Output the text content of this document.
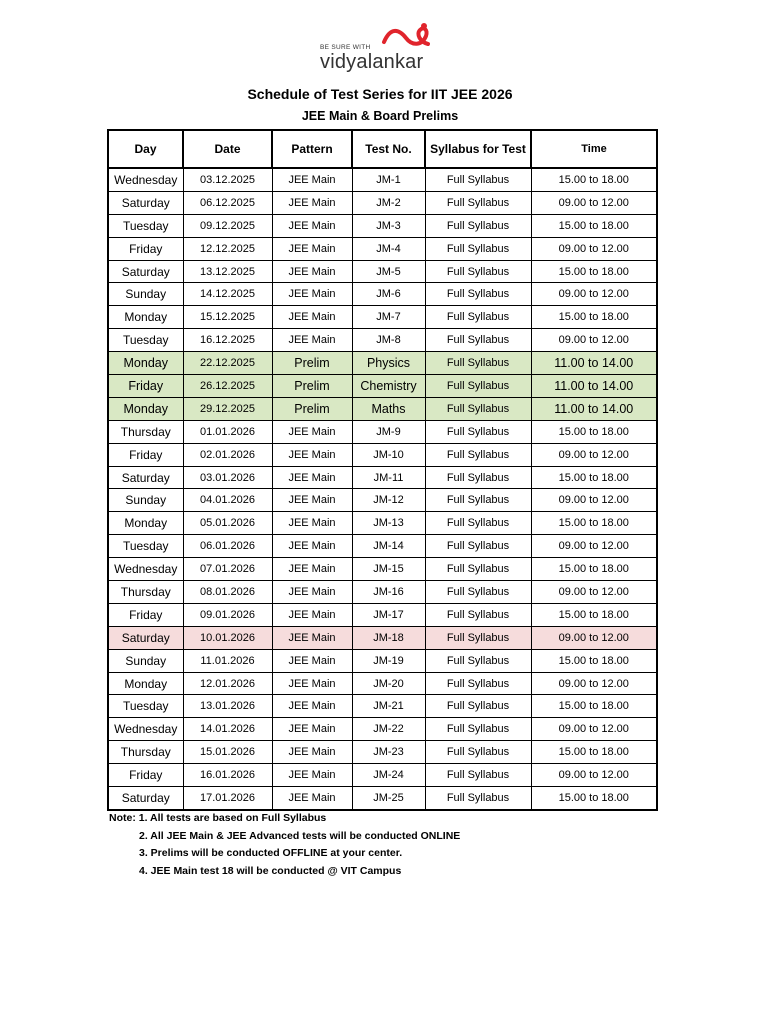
BE SURE WITH
vidyalankar
Schedule of Test Series for IIT JEE 2026
JEE Main & Board Prelims
Day	Date	Pattern	Test No.	Syllabus for Test	Time
Wednesday	03.12.2025	JEE Main	JM-1	Full Syllabus	15.00 to 18.00
Saturday	06.12.2025	JEE Main	JM-2	Full Syllabus	09.00 to 12.00
Tuesday	09.12.2025	JEE Main	JM-3	Full Syllabus	15.00 to 18.00
Friday	12.12.2025	JEE Main	JM-4	Full Syllabus	09.00 to 12.00
Saturday	13.12.2025	JEE Main	JM-5	Full Syllabus	15.00 to 18.00
Sunday	14.12.2025	JEE Main	JM-6	Full Syllabus	09.00 to 12.00
Monday	15.12.2025	JEE Main	JM-7	Full Syllabus	15.00 to 18.00
Tuesday	16.12.2025	JEE Main	JM-8	Full Syllabus	09.00 to 12.00
Monday	22.12.2025	Prelim	Physics	Full Syllabus	11.00 to 14.00
Friday	26.12.2025	Prelim	Chemistry	Full Syllabus	11.00 to 14.00
Monday	29.12.2025	Prelim	Maths	Full Syllabus	11.00 to 14.00
Thursday	01.01.2026	JEE Main	JM-9	Full Syllabus	15.00 to 18.00
Friday	02.01.2026	JEE Main	JM-10	Full Syllabus	09.00 to 12.00
Saturday	03.01.2026	JEE Main	JM-11	Full Syllabus	15.00 to 18.00
Sunday	04.01.2026	JEE Main	JM-12	Full Syllabus	09.00 to 12.00
Monday	05.01.2026	JEE Main	JM-13	Full Syllabus	15.00 to 18.00
Tuesday	06.01.2026	JEE Main	JM-14	Full Syllabus	09.00 to 12.00
Wednesday	07.01.2026	JEE Main	JM-15	Full Syllabus	15.00 to 18.00
Thursday	08.01.2026	JEE Main	JM-16	Full Syllabus	09.00 to 12.00
Friday	09.01.2026	JEE Main	JM-17	Full Syllabus	15.00 to 18.00
Saturday	10.01.2026	JEE Main	JM-18	Full Syllabus	09.00 to 12.00
Sunday	11.01.2026	JEE Main	JM-19	Full Syllabus	15.00 to 18.00
Monday	12.01.2026	JEE Main	JM-20	Full Syllabus	09.00 to 12.00
Tuesday	13.01.2026	JEE Main	JM-21	Full Syllabus	15.00 to 18.00
Wednesday	14.01.2026	JEE Main	JM-22	Full Syllabus	09.00 to 12.00
Thursday	15.01.2026	JEE Main	JM-23	Full Syllabus	15.00 to 18.00
Friday	16.01.2026	JEE Main	JM-24	Full Syllabus	09.00 to 12.00
Saturday	17.01.2026	JEE Main	JM-25	Full Syllabus	15.00 to 18.00
Note: 1. All tests are based on Full Syllabus
2. All JEE Main & JEE Advanced tests will be conducted ONLINE
3. Prelims will be conducted OFFLINE at your center.
4. JEE Main test 18 will be conducted @ VIT Campus
